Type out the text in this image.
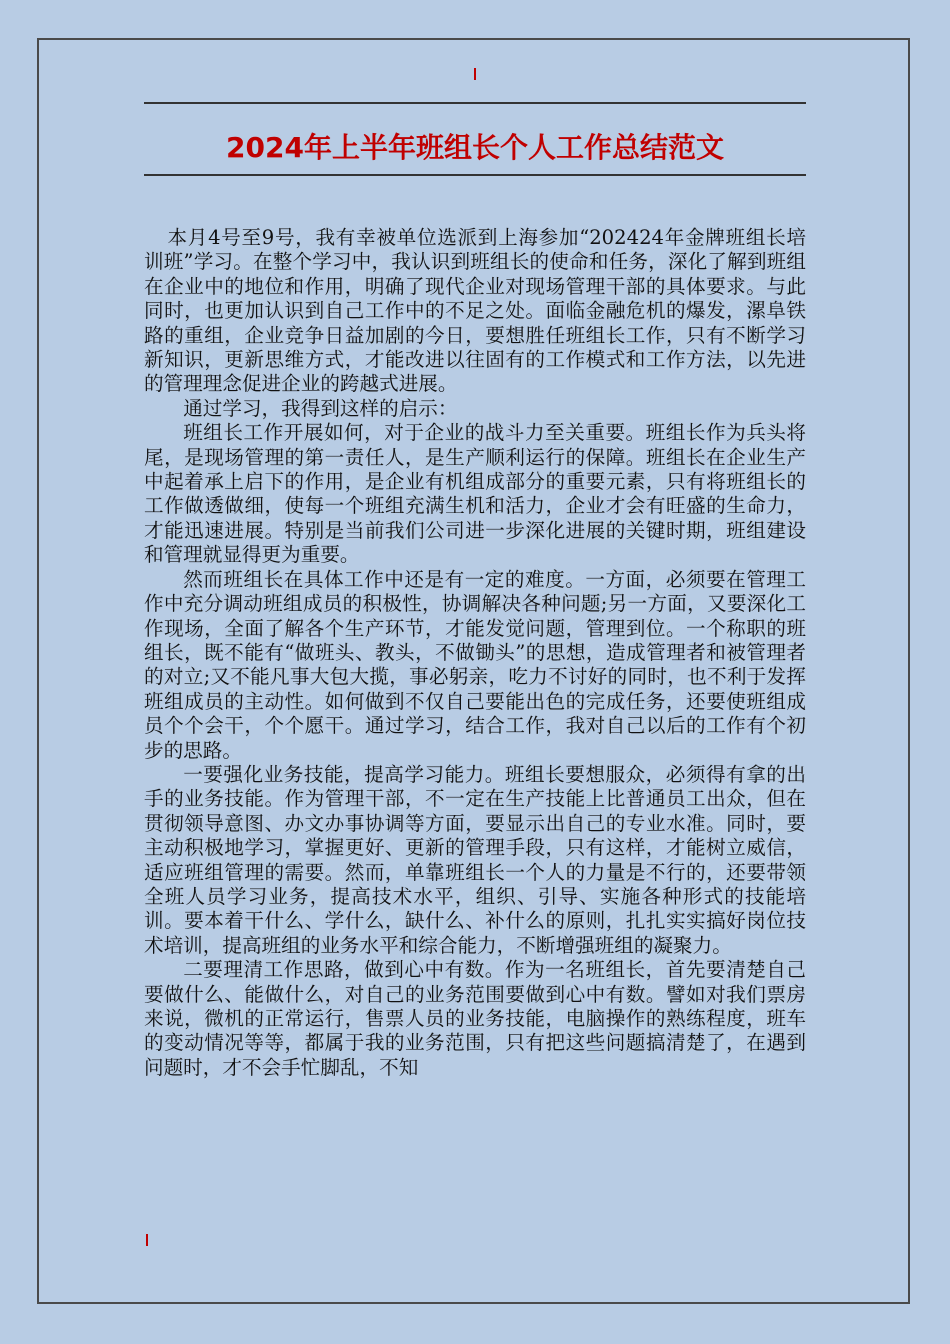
2024年上半年班组长个人工作总结范文

本月4号至9号，我有幸被单位选派到上海参加“202424年金牌班组长培训班”学习。在整个学习中，我认识到班组长的使命和任务，深化了解到班组在企业中的地位和作用，明确了现代企业对现场管理干部的具体要求。与此同时，也更加认识到自己工作中的不足之处。面临金融危机的爆发，漯阜铁路的重组，企业竞争日益加剧的今日，要想胜任班组长工作，只有不断学习新知识，更新思维方式，才能改进以往固有的工作模式和工作方法，以先进的管理理念促进企业的跨越式进展。

通过学习，我得到这样的启示：

班组长工作开展如何，对于企业的战斗力至关重要。班组长作为兵头将尾，是现场管理的第一责任人，是生产顺利运行的保障。班组长在企业生产中起着承上启下的作用，是企业有机组成部分的重要元素，只有将班组长的工作做透做细，使每一个班组充满生机和活力，企业才会有旺盛的生命力，才能迅速进展。特别是当前我们公司进一步深化进展的关键时期，班组建设和管理就显得更为重要。

然而班组长在具体工作中还是有一定的难度。一方面，必须要在管理工作中充分调动班组成员的积极性，协调解决各种问题;另一方面，又要深化工作现场，全面了解各个生产环节，才能发觉问题，管理到位。一个称职的班组长，既不能有“做班头、教头，不做锄头”的思想，造成管理者和被管理者的对立;又不能凡事大包大揽，事必躬亲，吃力不讨好的同时，也不利于发挥班组成员的主动性。如何做到不仅自己要能出色的完成任务，还要使班组成员个个会干，个个愿干。通过学习，结合工作，我对自己以后的工作有个初步的思路。

一要强化业务技能，提高学习能力。班组长要想服众，必须得有拿的出手的业务技能。作为管理干部，不一定在生产技能上比普通员工出众，但在贯彻领导意图、办文办事协调等方面，要显示出自己的专业水准。同时，要主动积极地学习，掌握更好、更新的管理手段，只有这样，才能树立威信，适应班组管理的需要。然而，单靠班组长一个人的力量是不行的，还要带领全班人员学习业务，提高技术水平，组织、引导、实施各种形式的技能培训。要本着干什么、学什么，缺什么、补什么的原则，扎扎实实搞好岗位技术培训，提高班组的业务水平和综合能力，不断增强班组的凝聚力。

二要理清工作思路，做到心中有数。作为一名班组长，首先要清楚自己要做什么、能做什么，对自己的业务范围要做到心中有数。譬如对我们票房来说，微机的正常运行，售票人员的业务技能，电脑操作的熟练程度，班车的变动情况等等，都属于我的业务范围，只有把这些问题搞清楚了，在遇到问题时，才不会手忙脚乱，不知
